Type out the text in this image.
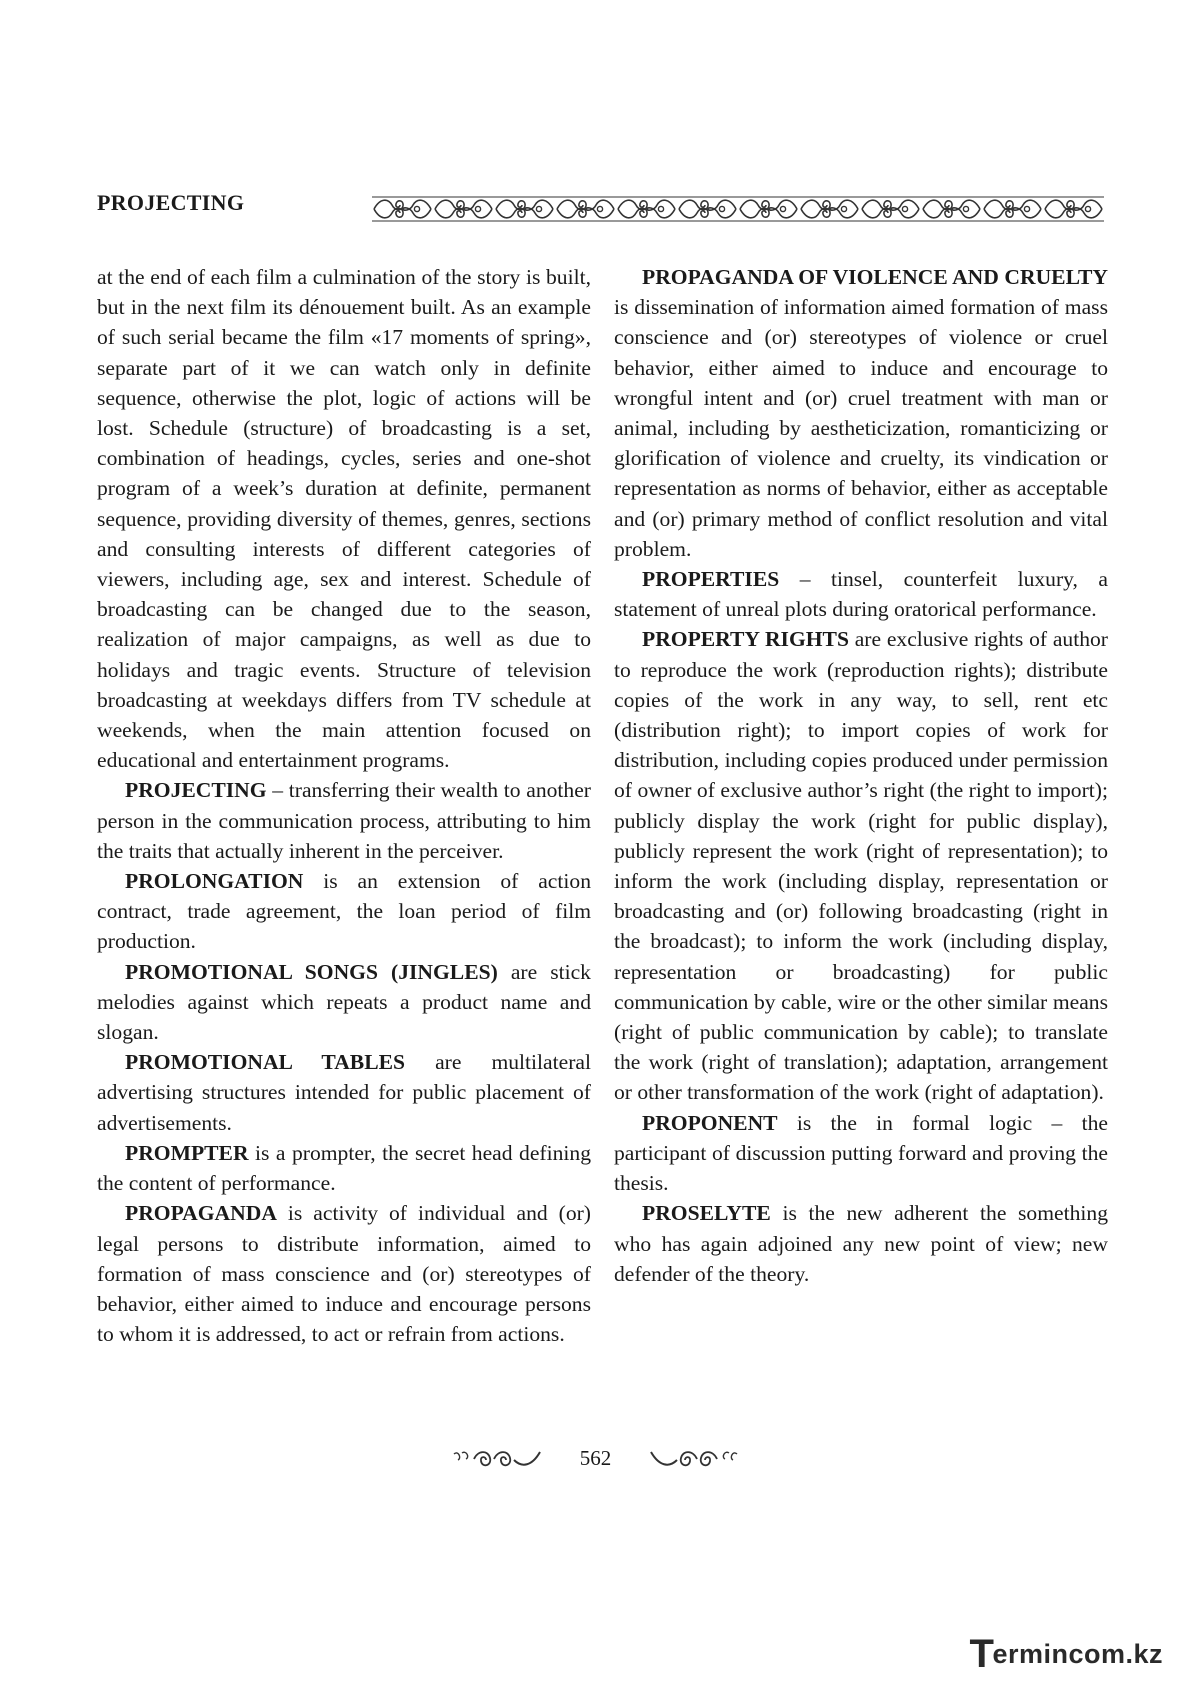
PROJECTING

at the end of each film a culmination of the story is built, but in the next film its dénouement built. As an example of such serial became the film «17 moments of spring», separate part of it we can watch only in definite sequence, otherwise the plot, logic of actions will be lost. Schedule (structure) of broadcasting is a set, combination of headings, cycles, series and one-shot program of a week’s duration at definite, permanent sequence, providing diversity of themes, genres, sections and consulting interests of different categories of viewers, including age, sex and interest. Schedule of broadcasting can be changed due to the season, realization of major campaigns, as well as due to holidays and tragic events. Structure of television broadcasting at weekdays differs from TV schedule at weekends, when the main attention focused on educational and entertainment programs.

PROJECTING – transferring their wealth to another person in the communication process, attributing to him the traits that actually inherent in the perceiver.

PROLONGATION is an extension of action contract, trade agreement, the loan period of film production.

PROMOTIONAL SONGS (JINGLES) are stick melodies against which repeats a product name and slogan.

PROMOTIONAL TABLES are multilateral advertising structures intended for public placement of advertisements.

PROMPTER is a prompter, the secret head defining the content of performance.

PROPAGANDA is activity of individual and (or) legal persons to distribute information, aimed to formation of mass conscience and (or) stereotypes of behavior, either aimed to induce and encourage persons to whom it is addressed, to act or refrain from actions.

PROPAGANDA OF VIOLENCE AND CRUELTY is dissemination of information aimed formation of mass conscience and (or) stereotypes of violence or cruel behavior, either aimed to induce and encourage to wrongful intent and (or) cruel treatment with man or animal, including by aestheticization, romanticizing or glorification of violence and cruelty, its vindication or representation as norms of behavior, either as acceptable and (or) primary method of conflict resolution and vital problem.

PROPERTIES – tinsel, counterfeit luxury, a statement of unreal plots during oratorical performance.

PROPERTY RIGHTS are exclusive rights of author to reproduce the work (reproduction rights); distribute copies of the work in any way, to sell, rent etc (distribution right); to import copies of work for distribution, including copies produced under permission of owner of exclusive author’s right (the right to import); publicly display the work (right for public display), publicly represent the work (right of representation); to inform the work (including display, representation or broadcasting and (or) following broadcasting (right in the broadcast); to inform the work (including display, representation or broadcasting) for public communication by cable, wire or the other similar means (right of public communication by cable); to translate the work (right of translation); adaptation, arrangement or other transformation of the work (right of adaptation).

PROPONENT is the in formal logic – the participant of discussion putting forward and proving the thesis.

PROSELYTE is the new adherent the something who has again adjoined any new point of view; new defender of the theory.

562
Termincom.kz
